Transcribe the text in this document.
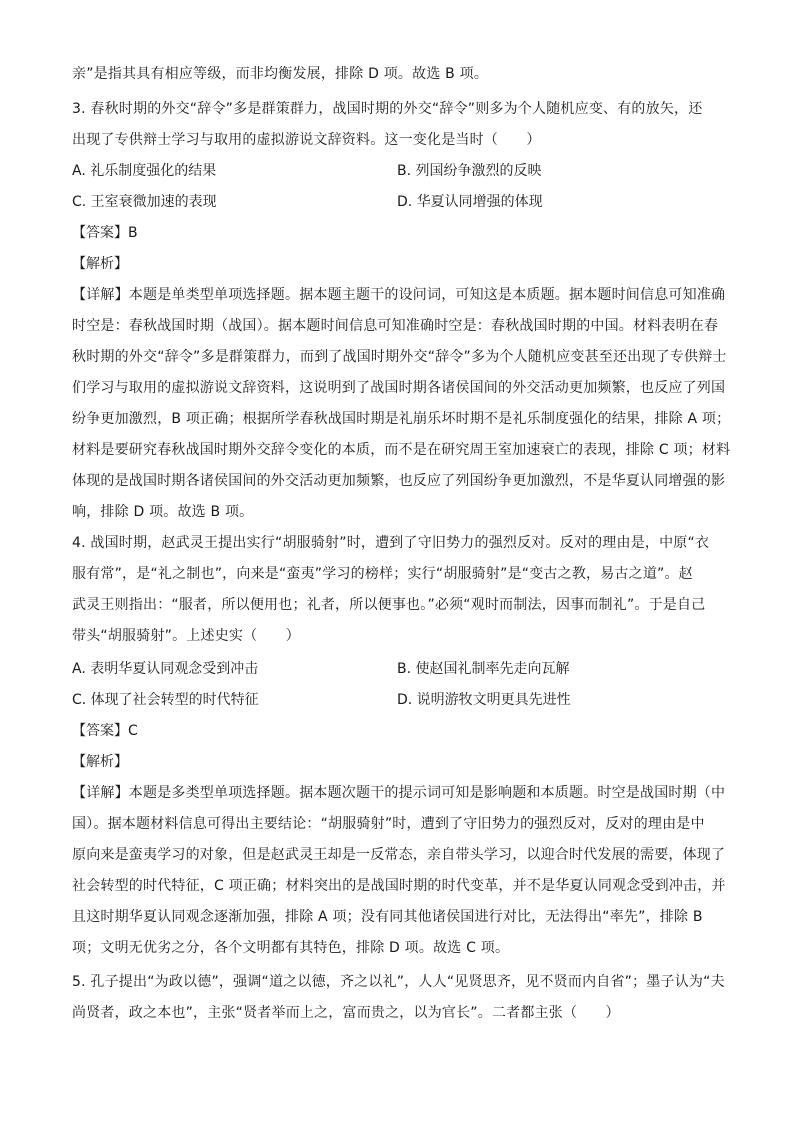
亲”是指其具有相应等级，而非均衡发展，排除 D 项。故选 B 项。
3. 春秋时期的外交“辞令”多是群策群力，战国时期的外交“辞令”则多为个人随机应变、有的放矢，还
出现了专供辩士学习与取用的虚拟游说文辞资料。这一变化是当时（　　）
A. 礼乐制度强化的结果	B. 列国纷争激烈的反映
C. 王室衰微加速的表现	D. 华夏认同增强的体现
【答案】B
【解析】
【详解】本题是单类型单项选择题。据本题主题干的设问词，可知这是本质题。据本题时间信息可知准确
时空是：春秋战国时期（战国）。据本题时间信息可知准确时空是：春秋战国时期的中国。材料表明在春
秋时期的外交“辞令”多是群策群力，而到了战国时期外交“辞令”多为个人随机应变甚至还出现了专供辩士
们学习与取用的虚拟游说文辞资料，这说明到了战国时期各诸侯国间的外交活动更加频繁，也反应了列国
纷争更加激烈，B 项正确；根据所学春秋战国时期是礼崩乐坏时期不是礼乐制度强化的结果，排除 A 项；
材料是要研究春秋战国时期外交辞令变化的本质，而不是在研究周王室加速衰亡的表现，排除 C 项；材料
体现的是战国时期各诸侯国间的外交活动更加频繁，也反应了列国纷争更加激烈，不是华夏认同增强的影
响，排除 D 项。故选 B 项。
4. 战国时期，赵武灵王提出实行“胡服骑射”时，遭到了守旧势力的强烈反对。反对的理由是，中原“衣
服有常”，是“礼之制也”，向来是“蛮夷”学习的榜样；实行“胡服骑射”是“变古之教，易古之道”。赵
武灵王则指出：“服者，所以便用也；礼者，所以便事也。”必须“观时而制法，因事而制礼”。于是自己
带头“胡服骑射”。上述史实（　　）
A. 表明华夏认同观念受到冲击	B. 使赵国礼制率先走向瓦解
C. 体现了社会转型的时代特征	D. 说明游牧文明更具先进性
【答案】C
【解析】
【详解】本题是多类型单项选择题。据本题次题干的提示词可知是影响题和本质题。时空是战国时期（中
国）。据本题材料信息可得出主要结论：“胡服骑射”时，遭到了守旧势力的强烈反对，反对的理由是中
原向来是蛮夷学习的对象，但是赵武灵王却是一反常态，亲自带头学习，以迎合时代发展的需要，体现了
社会转型的时代特征，C 项正确；材料突出的是战国时期的时代变革，并不是华夏认同观念受到冲击，并
且这时期华夏认同观念逐渐加强，排除 A 项；没有同其他诸侯国进行对比，无法得出“率先”，排除 B
项；文明无优劣之分，各个文明都有其特色，排除 D 项。故选 C 项。
5. 孔子提出“为政以德”，强调“道之以德，齐之以礼”，人人“见贤思齐，见不贤而内自省”；墨子认为“夫
尚贤者，政之本也”，主张“贤者举而上之，富而贵之，以为官长”。二者都主张（　　）
